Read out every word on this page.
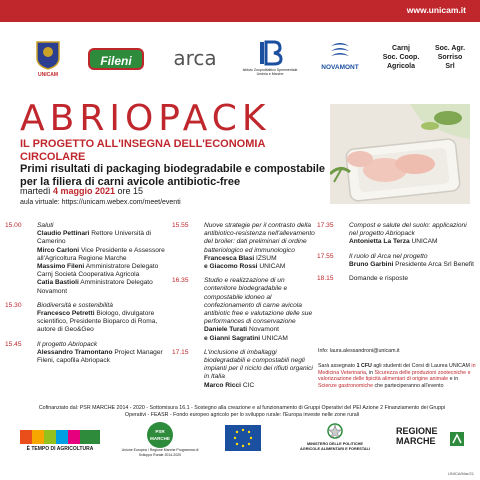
www.unicam.it
UNICAM
Fileni	arca	Istituto Zooprofilattico Sperimentale Umbria e Marche
NOVAMONT
Carnj
Soc. Coop.
Agricola
Soc. Agr.
Sorriso
Srl
ABRIOPACK
IL PROGETTO ALL'INSEGNA DELL'ECONOMIA CIRCOLARE
Primi risultati di packaging biodegradabile e compostabile per la filiera di carni avicole antibiotic-free
martedì 4 maggio 2021 ore 15
aula virtuale: https://unicam.webex.com/meet/eventi
15.00 Saluti
Claudio Pettinari Rettore Università di Camerino
Mirco Carloni Vice Presidente e Assessore all'Agricoltura Regione Marche
Massimo Fileni Amministratore Delegato Carnj Società Cooperativa Agricola
Catia Bastioli Amministratore Delegato Novamont
15.30 Biodiversità e sostenibilità
Francesco Petretti Biologo, divulgatore scientifico, Presidente Bioparco di Roma, autore di Geo&Geo
15.45 Il progetto Abriopack
Alessandro Tramontano Project Manager Fileni, capofila Abriopack
15.55 Nuove strategie per il contrasto della antibiotico-resistenza nell'allevamento del broiler: dati preliminari di ordine batteriologico ed immunologico
Francesca Blasi IZSUM
e Giacomo Rossi UNICAM
16.35 Studio e realizzazione di un contenitore biodegradabile e compostabile idoneo al confezionamento di carne avicola antibiotic free e valutazione delle sue performances di conservazione
Daniele Turati Novamont
e Gianni Sagratini UNICAM
17.15 L'inclusione di imballaggi biodegradabili e compostabili negli impianti per il riciclo dei rifiuti organici in Italia
Marco Ricci CIC
17.35 Compost e salute del suolo: applicazioni nel progetto Abriopack
Antonietta La Terza UNICAM
17.55 Il ruolo di Arca nel progetto
Bruno Garbini Presidente Arca Srl Benefit
18.15 Domande e risposte
Info: laura.alessandroni@unicam.it
Sarà assegnato 1 CFU agli studenti dei Corsi di Laurea UNICAM in Medicina Veterinaria, in Sicurezza delle produzioni zootecniche e valorizzazione delle tipicità alimentari di origine animale e in Scienze gastronomiche che parteciperanno all'evento
Cofinanziato dal: PSR MARCHE 2014 - 2020 - Sottomisura 16.1 - Sostegno alla creazione e al funzionamento di Gruppi Operativi del PEI Azione 2 Finanziamento dei Gruppi Operativi - FEASR - Fondo europeo agricolo per lo sviluppo rurale: l'Europa investe nelle zone rurali
È TEMPO DI AGRICOLTURA
PSR MARCHE
Unione Europea / Regione Marche Programma di Sviluppo Rurale 2014-2020
MINISTERO DELLE POLITICHE AGRICOLE ALIMENTARI E FORESTALI
REGIONE MARCHE
UNICA/Mar/21
